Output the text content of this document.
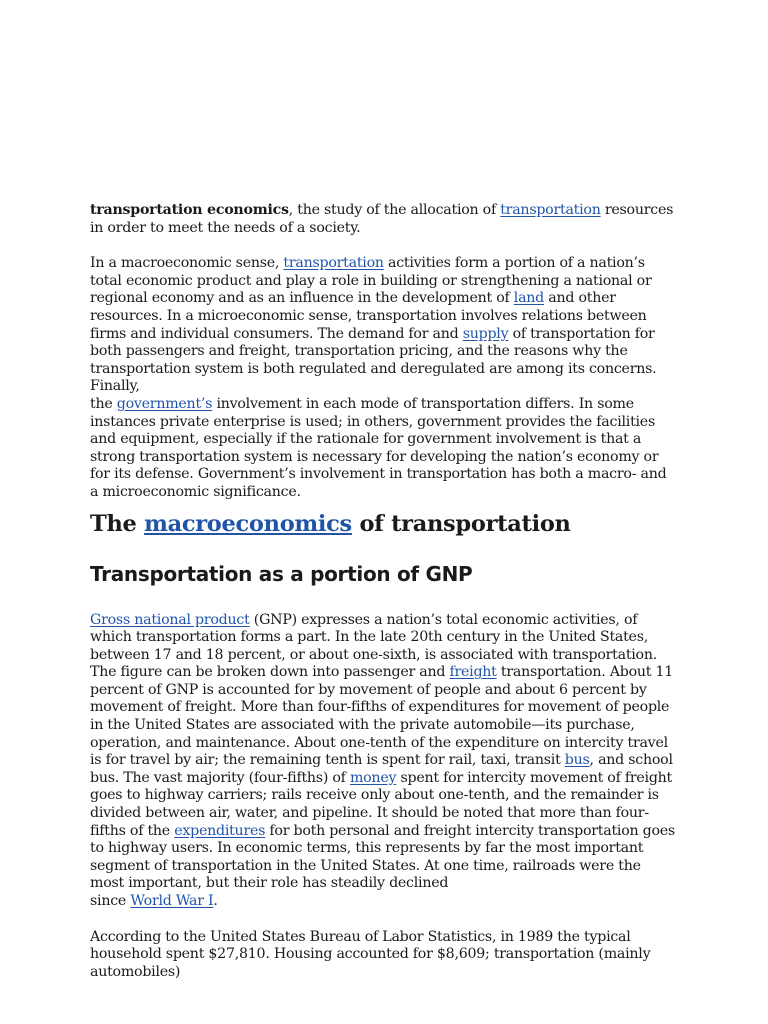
transportation economics, the study of the allocation of transportation resources in order to meet the needs of a society.

In a macroeconomic sense, transportation activities form a portion of a nation’s total economic product and play a role in building or strengthening a national or regional economy and as an influence in the development of land and other resources. In a microeconomic sense, transportation involves relations between firms and individual consumers. The demand for and supply of transportation for both passengers and freight, transportation pricing, and the reasons why the transportation system is both regulated and deregulated are among its concerns. Finally,
the government’s involvement in each mode of transportation differs. In some instances private enterprise is used; in others, government provides the facilities and equipment, especially if the rationale for government involvement is that a strong transportation system is necessary for developing the nation’s economy or for its defense. Government’s involvement in transportation has both a macro- and a microeconomic significance.

The macroeconomics of transportation
Transportation as a portion of GNP

Gross national product (GNP) expresses a nation’s total economic activities, of which transportation forms a part. In the late 20th century in the United States, between 17 and 18 percent, or about one-sixth, is associated with transportation. The figure can be broken down into passenger and freight transportation. About 11 percent of GNP is accounted for by movement of people and about 6 percent by movement of freight. More than four-fifths of expenditures for movement of people in the United States are associated with the private automobile—its purchase, operation, and maintenance. About one-tenth of the expenditure on intercity travel is for travel by air; the remaining tenth is spent for rail, taxi, transit bus, and school bus. The vast majority (four-fifths) of money spent for intercity movement of freight goes to highway carriers; rails receive only about one-tenth, and the remainder is divided between air, water, and pipeline. It should be noted that more than four-fifths of the expenditures for both personal and freight intercity transportation goes to highway users. In economic terms, this represents by far the most important segment of transportation in the United States. At one time, railroads were the most important, but their role has steadily declined
since World War I.

According to the United States Bureau of Labor Statistics, in 1989 the typical household spent $27,810. Housing accounted for $8,609; transportation (mainly automobiles)
